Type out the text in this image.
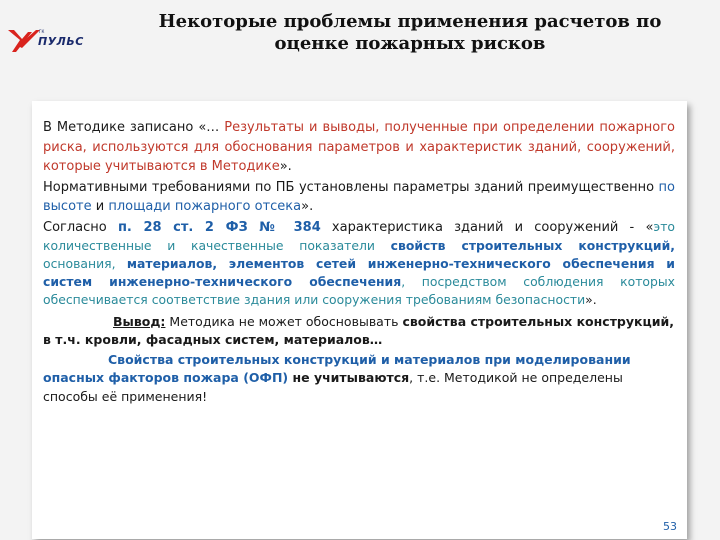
ГК
ПУЛЬС
Некоторые проблемы применения расчетов по
оценке пожарных рисков

В Методике записано «… Результаты и выводы, полученные при определении пожарного риска, используются для обоснования параметров и характеристик зданий, сооружений, которые учитываются в Методике».

Нормативными требованиями по ПБ установлены параметры зданий преимущественно по высоте и площади пожарного отсека».

Согласно п. 28 ст. 2 ФЗ № 384 характеристика зданий и сооружений - «это количественные и качественные показатели свойств строительных конструкций, основания, материалов, элементов сетей инженерно-технического обеспечения и систем инженерно-технического обеспечения, посредством соблюдения которых обеспечивается соответствие здания или сооружения требованиям безопасности».

Вывод: Методика не может обосновывать свойства строительных конструкций,
в т.ч. кровли, фасадных систем, материалов…

Свойства строительных конструкций и материалов при моделировании опасных факторов пожара (ОФП) не учитываются, т.е. Методикой не определены способы её применения!

53
